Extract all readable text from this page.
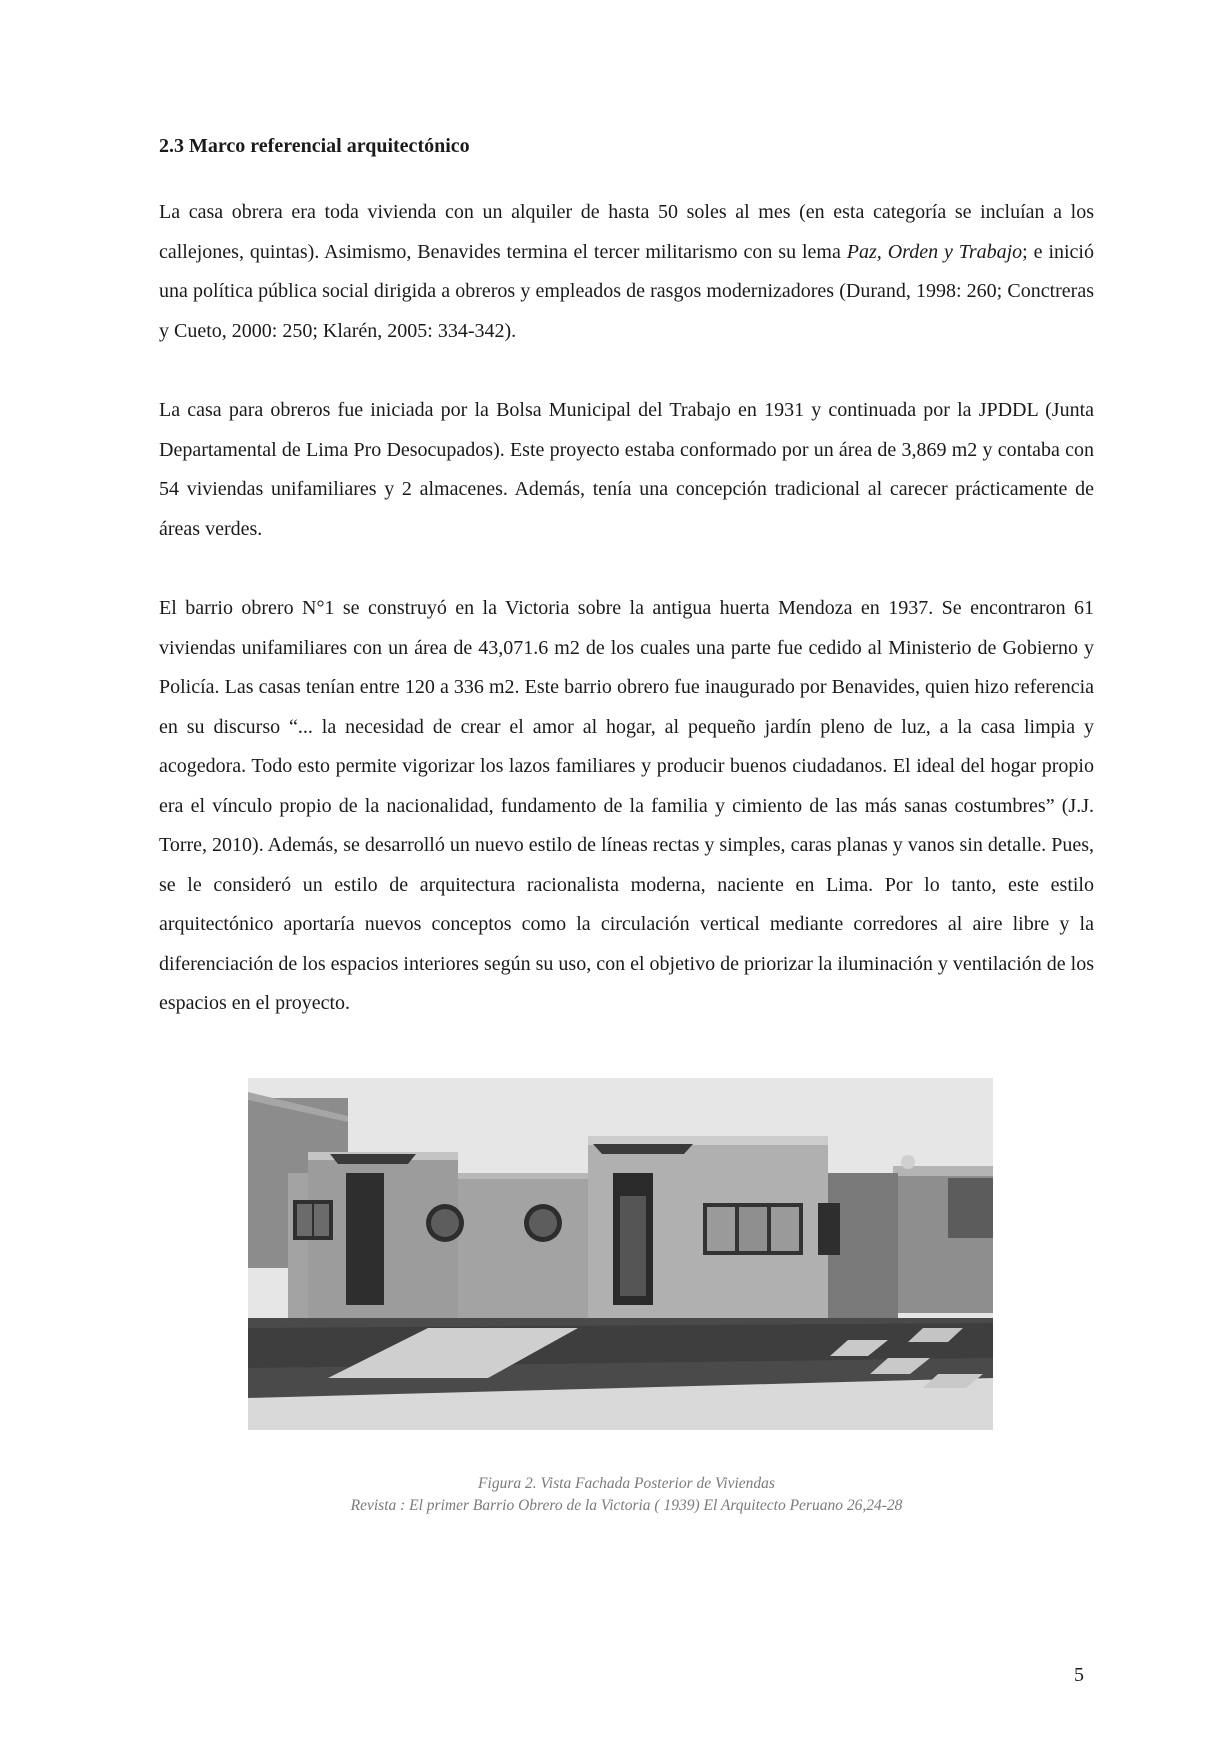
2.3 Marco referencial arquitectónico

La casa obrera era toda vivienda con un alquiler de hasta 50 soles al mes (en esta categoría se incluían a los callejones, quintas). Asimismo, Benavides termina el tercer militarismo con su lema Paz, Orden y Trabajo; e inició una política pública social dirigida a obreros y empleados de rasgos modernizadores (Durand, 1998: 260; Conctreras y Cueto, 2000: 250; Klarén, 2005: 334-342).

La casa para obreros fue iniciada por la Bolsa Municipal del Trabajo en 1931 y continuada por la JPDDL (Junta Departamental de Lima Pro Desocupados). Este proyecto estaba conformado por un área de 3,869 m2 y contaba con 54 viviendas unifamiliares y 2 almacenes. Además, tenía una concepción tradicional al carecer prácticamente de áreas verdes.

El barrio obrero N°1 se construyó en la Victoria sobre la antigua huerta Mendoza en 1937. Se encontraron 61 viviendas unifamiliares con un área de 43,071.6 m2 de los cuales una parte fue cedido al Ministerio de Gobierno y Policía. Las casas tenían entre 120 a 336 m2. Este barrio obrero fue inaugurado por Benavides, quien hizo referencia en su discurso “... la necesidad de crear el amor al hogar, al pequeño jardín pleno de luz, a la casa limpia y acogedora. Todo esto permite vigorizar los lazos familiares y producir buenos ciudadanos. El ideal del hogar propio era el vínculo propio de la nacionalidad, fundamento de la familia y cimiento de las más sanas costumbres” (J.J. Torre, 2010). Además, se desarrolló un nuevo estilo de líneas rectas y simples, caras planas y vanos sin detalle. Pues, se le consideró un estilo de arquitectura racionalista moderna, naciente en Lima. Por lo tanto, este estilo arquitectónico aportaría nuevos conceptos como la circulación vertical mediante corredores al aire libre y la diferenciación de los espacios interiores según su uso, con el objetivo de priorizar la iluminación y ventilación de los espacios en el proyecto.

Figura 2. Vista Fachada Posterior de Viviendas
Revista : El primer Barrio Obrero de la Victoria ( 1939) El Arquitecto Peruano 26,24-28

5
